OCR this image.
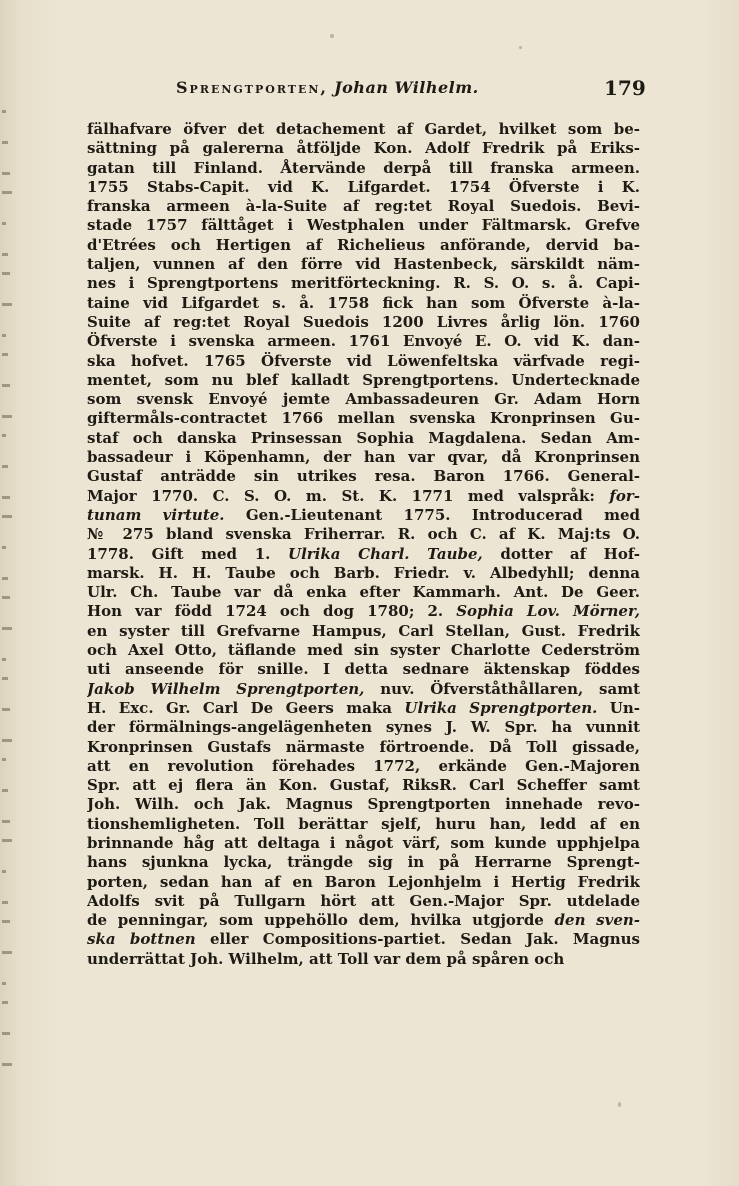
Sprengtporten, Johan Wilhelm.	179
fälhafvare öfver det detachement af Gardet, hvilket som be-
sättning på galererna åtföljde Kon. Adolf Fredrik på Eriks-
gatan till Finland. Återvände derpå till franska armeen.
1755 Stabs-Capit. vid K. Lifgardet. 1754 Öfverste i K.
franska armeen à-la-Suite af reg:tet Royal Suedois. Bevi-
stade 1757 fälttåget i Westphalen under Fältmarsk. Grefve
d'Etrées och Hertigen af Richelieus anförande, dervid ba-
taljen, vunnen af den förre vid Hastenbeck, särskildt näm-
nes i Sprengtportens meritförteckning. R. S. O. s. å. Capi-
taine vid Lifgardet s. å. 1758 fick han som Öfverste à-la-
Suite af reg:tet Royal Suedois 1200 Livres årlig lön. 1760
Öfverste i svenska armeen. 1761 Envoyé E. O. vid K. dan-
ska hofvet. 1765 Öfverste vid Löwenfeltska värfvade regi-
mentet, som nu blef kalladt Sprengtportens. Undertecknade
som svensk Envoyé jemte Ambassadeuren Gr. Adam Horn
giftermåls-contractet 1766 mellan svenska Kronprinsen Gu-
staf och danska Prinsessan Sophia Magdalena. Sedan Am-
bassadeur i Köpenhamn, der han var qvar, då Kronprinsen
Gustaf anträdde sin utrikes resa. Baron 1766. General-
Major 1770. C. S. O. m. St. K. 1771 med valspråk: for-
tunam virtute. Gen.-Lieutenant 1775. Introducerad med
№ 275 bland svenska Friherrar. R. och C. af K. Maj:ts O.
1778. Gift med 1. Ulrika Charl. Taube, dotter af Hof-
marsk. H. H. Taube och Barb. Friedr. v. Albedyhll; denna
Ulr. Ch. Taube var då enka efter Kammarh. Ant. De Geer.
Hon var född 1724 och dog 1780; 2. Sophia Lov. Mörner,
en syster till Grefvarne Hampus, Carl Stellan, Gust. Fredrik
och Axel Otto, täflande med sin syster Charlotte Cederström
uti anseende för snille. I detta sednare äktenskap föddes
Jakob Wilhelm Sprengtporten, nuv. Öfverståthållaren, samt
H. Exc. Gr. Carl De Geers maka Ulrika Sprengtporten. Un-
der förmälnings-angelägenheten synes J. W. Spr. ha vunnit
Kronprinsen Gustafs närmaste förtroende. Då Toll gissade,
att en revolution förehades 1772, erkände Gen.-Majoren
Spr. att ej flera än Kon. Gustaf, RiksR. Carl Scheffer samt
Joh. Wilh. och Jak. Magnus Sprengtporten innehade revo-
tionshemligheten. Toll berättar sjelf, huru han, ledd af en
brinnande håg att deltaga i något värf, som kunde upphjelpa
hans sjunkna lycka, trängde sig in på Herrarne Sprengt-
porten, sedan han af en Baron Lejonhjelm i Hertig Fredrik
Adolfs svit på Tullgarn hört att Gen.-Major Spr. utdelade
de penningar, som uppehöllo dem, hvilka utgjorde den sven-
ska bottnen eller Compositions-partiet. Sedan Jak. Magnus
underrättat Joh. Wilhelm, att Toll var dem på spåren och
